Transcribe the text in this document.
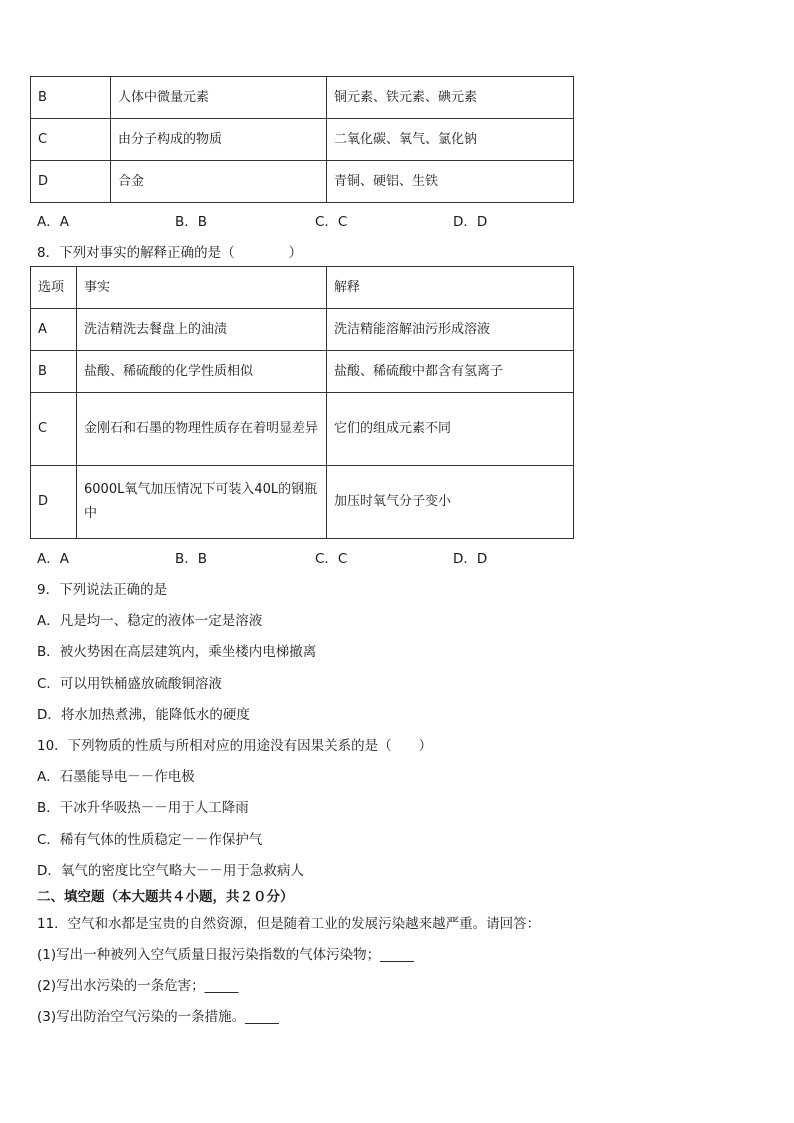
B	人体中微量元素	铜元素、铁元素、碘元素
C	由分子构成的物质	二氧化碳、氧气、氯化钠
D	合金	青铜、硬铝、生铁
A．A	B．B	C．C	D．D
8．下列对事实的解释正确的是（　　　　）
选项	事实	解释
A	洗洁精洗去餐盘上的油渍	洗洁精能溶解油污形成溶液
B	盐酸、稀硫酸的化学性质相似	盐酸、稀硫酸中都含有氢离子
C	金刚石和石墨的物理性质存在着明显差异	它们的组成元素不同
D	6000L氧气加压情况下可装入40L的钢瓶中	加压时氧气分子变小
A．A	B．B	C．C	D．D
9．下列说法正确的是
A．凡是均一、稳定的液体一定是溶液
B．被火势困在高层建筑内，乘坐楼内电梯撤离
C．可以用铁桶盛放硫酸铜溶液
D．将水加热煮沸，能降低水的硬度
10．下列物质的性质与所相对应的用途没有因果关系的是（　　）
A．石墨能导电－－作电极
B．干冰升华吸热－－用于人工降雨
C．稀有气体的性质稳定－－作保护气
D．氧气的密度比空气略大－－用于急救病人
二、填空题（本大题共４小题，共２０分）
11．空气和水都是宝贵的自然资源，但是随着工业的发展污染越来越严重。请回答：
(1)写出一种被列入空气质量日报污染指数的气体污染物；_____
(2)写出水污染的一条危害；_____
(3)写出防治空气污染的一条措施。_____
